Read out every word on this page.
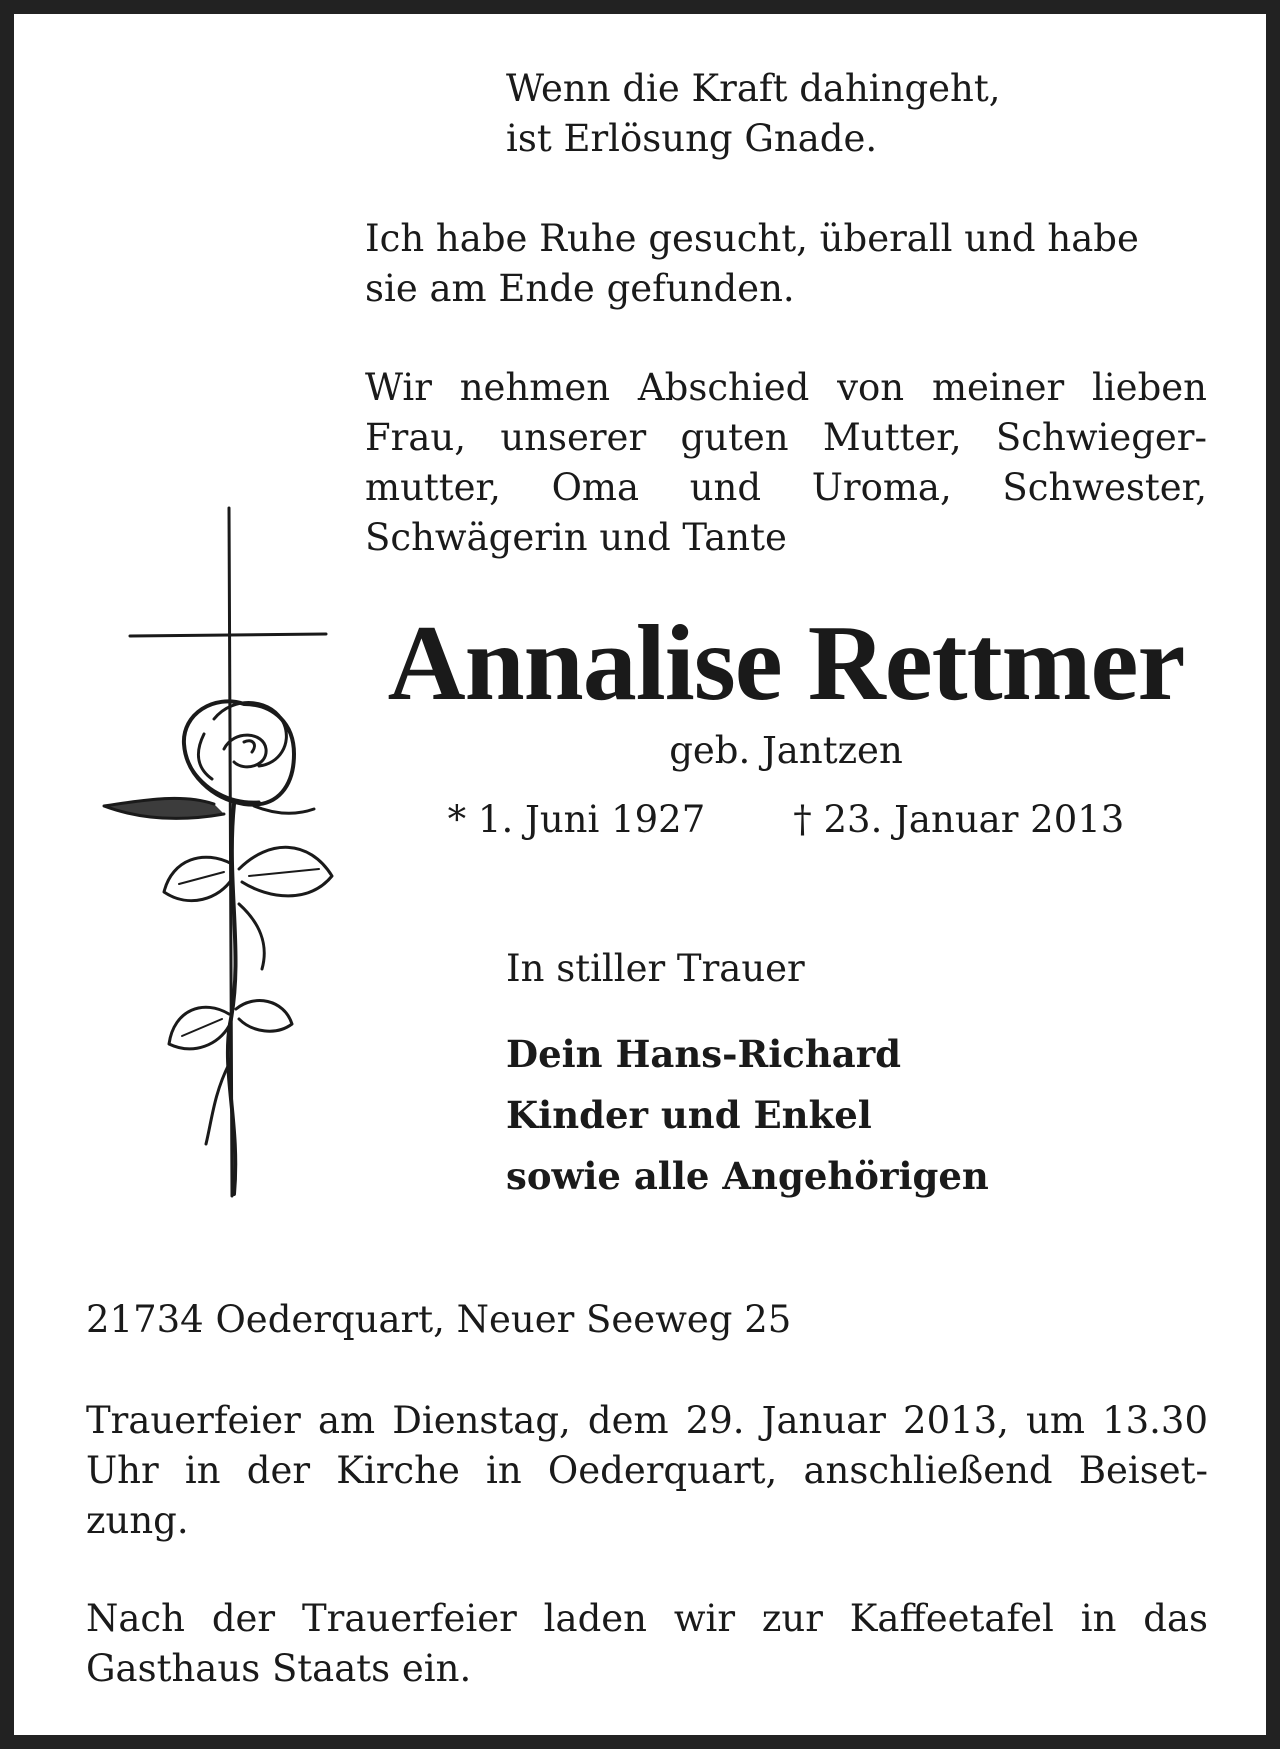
Wenn die Kraft dahingeht,
ist Erlösung Gnade.

Ich habe Ruhe gesucht, überall und habe
sie am Ende gefunden.

Wir nehmen Abschied von meiner lieben
Frau, unserer guten Mutter, Schwieger-
mutter, Oma und Uroma, Schwester,
Schwägerin und Tante

Annalise Rettmer

geb. Jantzen

* 1. Juni 1927 † 23. Januar 2013

In stiller Trauer

Dein Hans-Richard
Kinder und Enkel
sowie alle Angehörigen

21734 Oederquart, Neuer Seeweg 25

Trauerfeier am Dienstag, dem 29. Januar 2013, um 13.30
Uhr in der Kirche in Oederquart, anschließend Beiset-
zung.

Nach der Trauerfeier laden wir zur Kaffeetafel in das
Gasthaus Staats ein.
